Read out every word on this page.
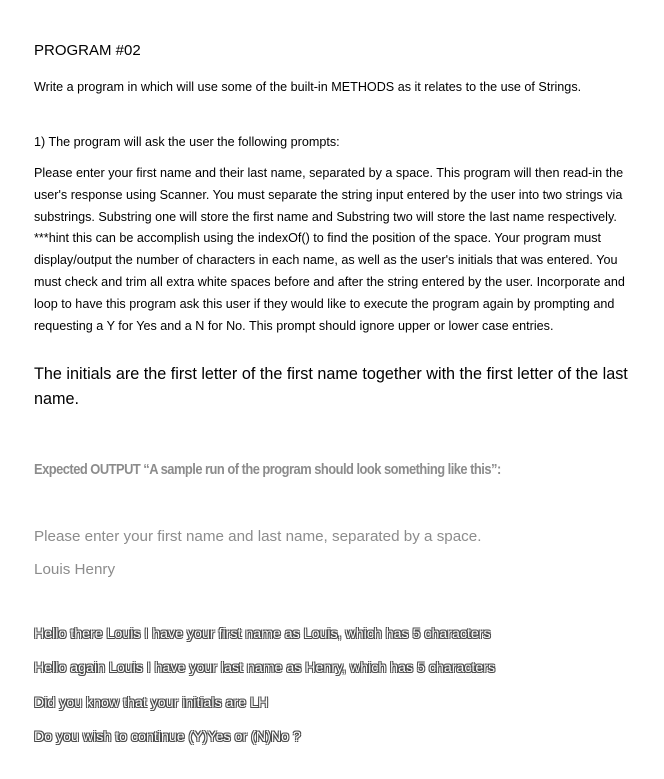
PROGRAM #02
Write a program in which will use some of the built-in METHODS as it relates to the use of Strings.
1) The program will ask the user the following prompts:
Please enter your first name and their last name, separated by a space. This program will then read-in the user's response using Scanner. You must separate the string input entered by the user into two strings via substrings. Substring one will store the first name and Substring two will store the last name respectively. ***hint this can be accomplish using the indexOf() to find the position of the space. Your program must display/output the number of characters in each name, as well as the user's initials that was entered. You must check and trim all extra white spaces before and after the string entered by the user. Incorporate and loop to have this program ask this user if they would like to execute the program again by prompting and requesting a Y for Yes and a N for No. This prompt should ignore upper or lower case entries.
The initials are the first letter of the first name together with the first letter of the last name.
Expected OUTPUT “A sample run of the program should look something like this”:
Please enter your first name and last name, separated by a space.
Louis Henry
Hello there Louis I have your first name as Louis, which has 5 characters
Hello again Louis I have your last name as Henry, which has 5 characters
Did you know that your initials are LH
Do you wish to continue (Y)Yes or (N)No ?
